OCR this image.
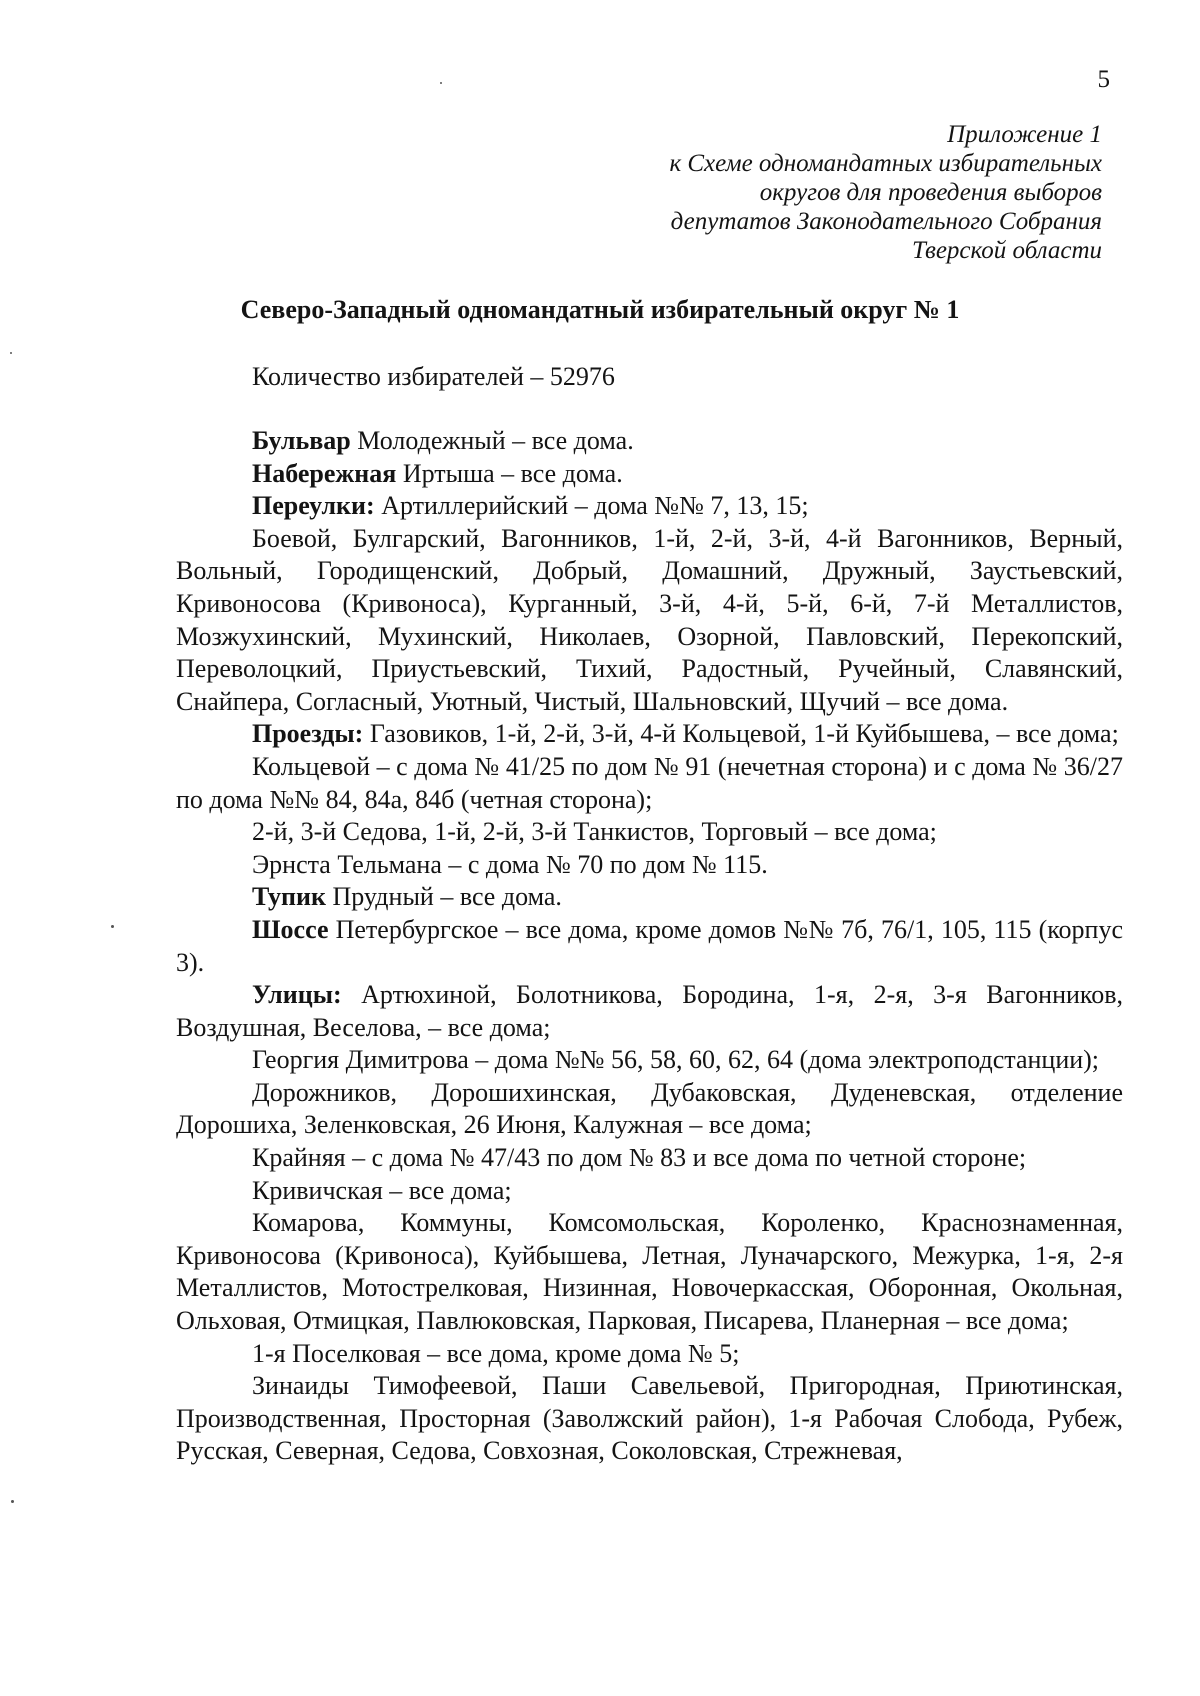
5
Приложение 1
к Схеме одномандатных избирательных
округов для проведения выборов
депутатов Законодательного Собрания
Тверской области
Северо-Западный одномандатный избирательный округ № 1
Количество избирателей – 52976

Бульвар Молодежный – все дома.

Набережная Иртыша – все дома.

Переулки: Артиллерийский – дома №№ 7, 13, 15;

Боевой, Булгарский, Вагонников, 1-й, 2-й, 3-й, 4-й Вагонников, Верный, Вольный, Городищенский, Добрый, Домашний, Дружный, Заустьевский, Кривоносова (Кривоноса), Курганный, 3-й, 4-й, 5-й, 6-й, 7-й Металлистов, Мозжухинский, Мухинский, Николаев, Озорной, Павловский, Перекопский, Переволоцкий, Приустьевский, Тихий, Радостный, Ручейный, Славянский, Снайпера, Согласный, Уютный, Чистый, Шальновский, Щучий – все дома.

Проезды: Газовиков, 1-й, 2-й, 3-й, 4-й Кольцевой, 1-й Куйбышева, – все дома;

Кольцевой – с дома № 41/25 по дом № 91 (нечетная сторона) и с дома № 36/27 по дома №№ 84, 84а, 84б (четная сторона);

2-й, 3-й Седова, 1-й, 2-й, 3-й Танкистов, Торговый – все дома;

Эрнста Тельмана – с дома № 70 по дом № 115.

Тупик Прудный – все дома.

Шоссе Петербургское – все дома, кроме домов №№ 7б, 76/1, 105, 115 (корпус 3).

Улицы: Артюхиной, Болотникова, Бородина, 1-я, 2-я, 3-я Вагонников, Воздушная, Веселова, – все дома;

Георгия Димитрова – дома №№ 56, 58, 60, 62, 64 (дома электроподстанции);

Дорожников, Дорошихинская, Дубаковская, Дуденевская, отделение Дорошиха, Зеленковская, 26 Июня, Калужная – все дома;

Крайняя – с дома № 47/43 по дом № 83 и все дома по четной стороне;

Кривичская – все дома;

Комарова, Коммуны, Комсомольская, Короленко, Краснознаменная, Кривоносова (Кривоноса), Куйбышева, Летная, Луначарского, Межурка, 1-я, 2-я Металлистов, Мотострелковая, Низинная, Новочеркасская, Оборонная, Окольная, Ольховая, Отмицкая, Павлюковская, Парковая, Писарева, Планерная – все дома;

1-я Поселковая – все дома, кроме дома № 5;

Зинаиды Тимофеевой, Паши Савельевой, Пригородная, Приютинская, Производственная, Просторная (Заволжский район), 1-я Рабочая Слобода, Рубеж, Русская, Северная, Седова, Совхозная, Соколовская, Стрежневая,
